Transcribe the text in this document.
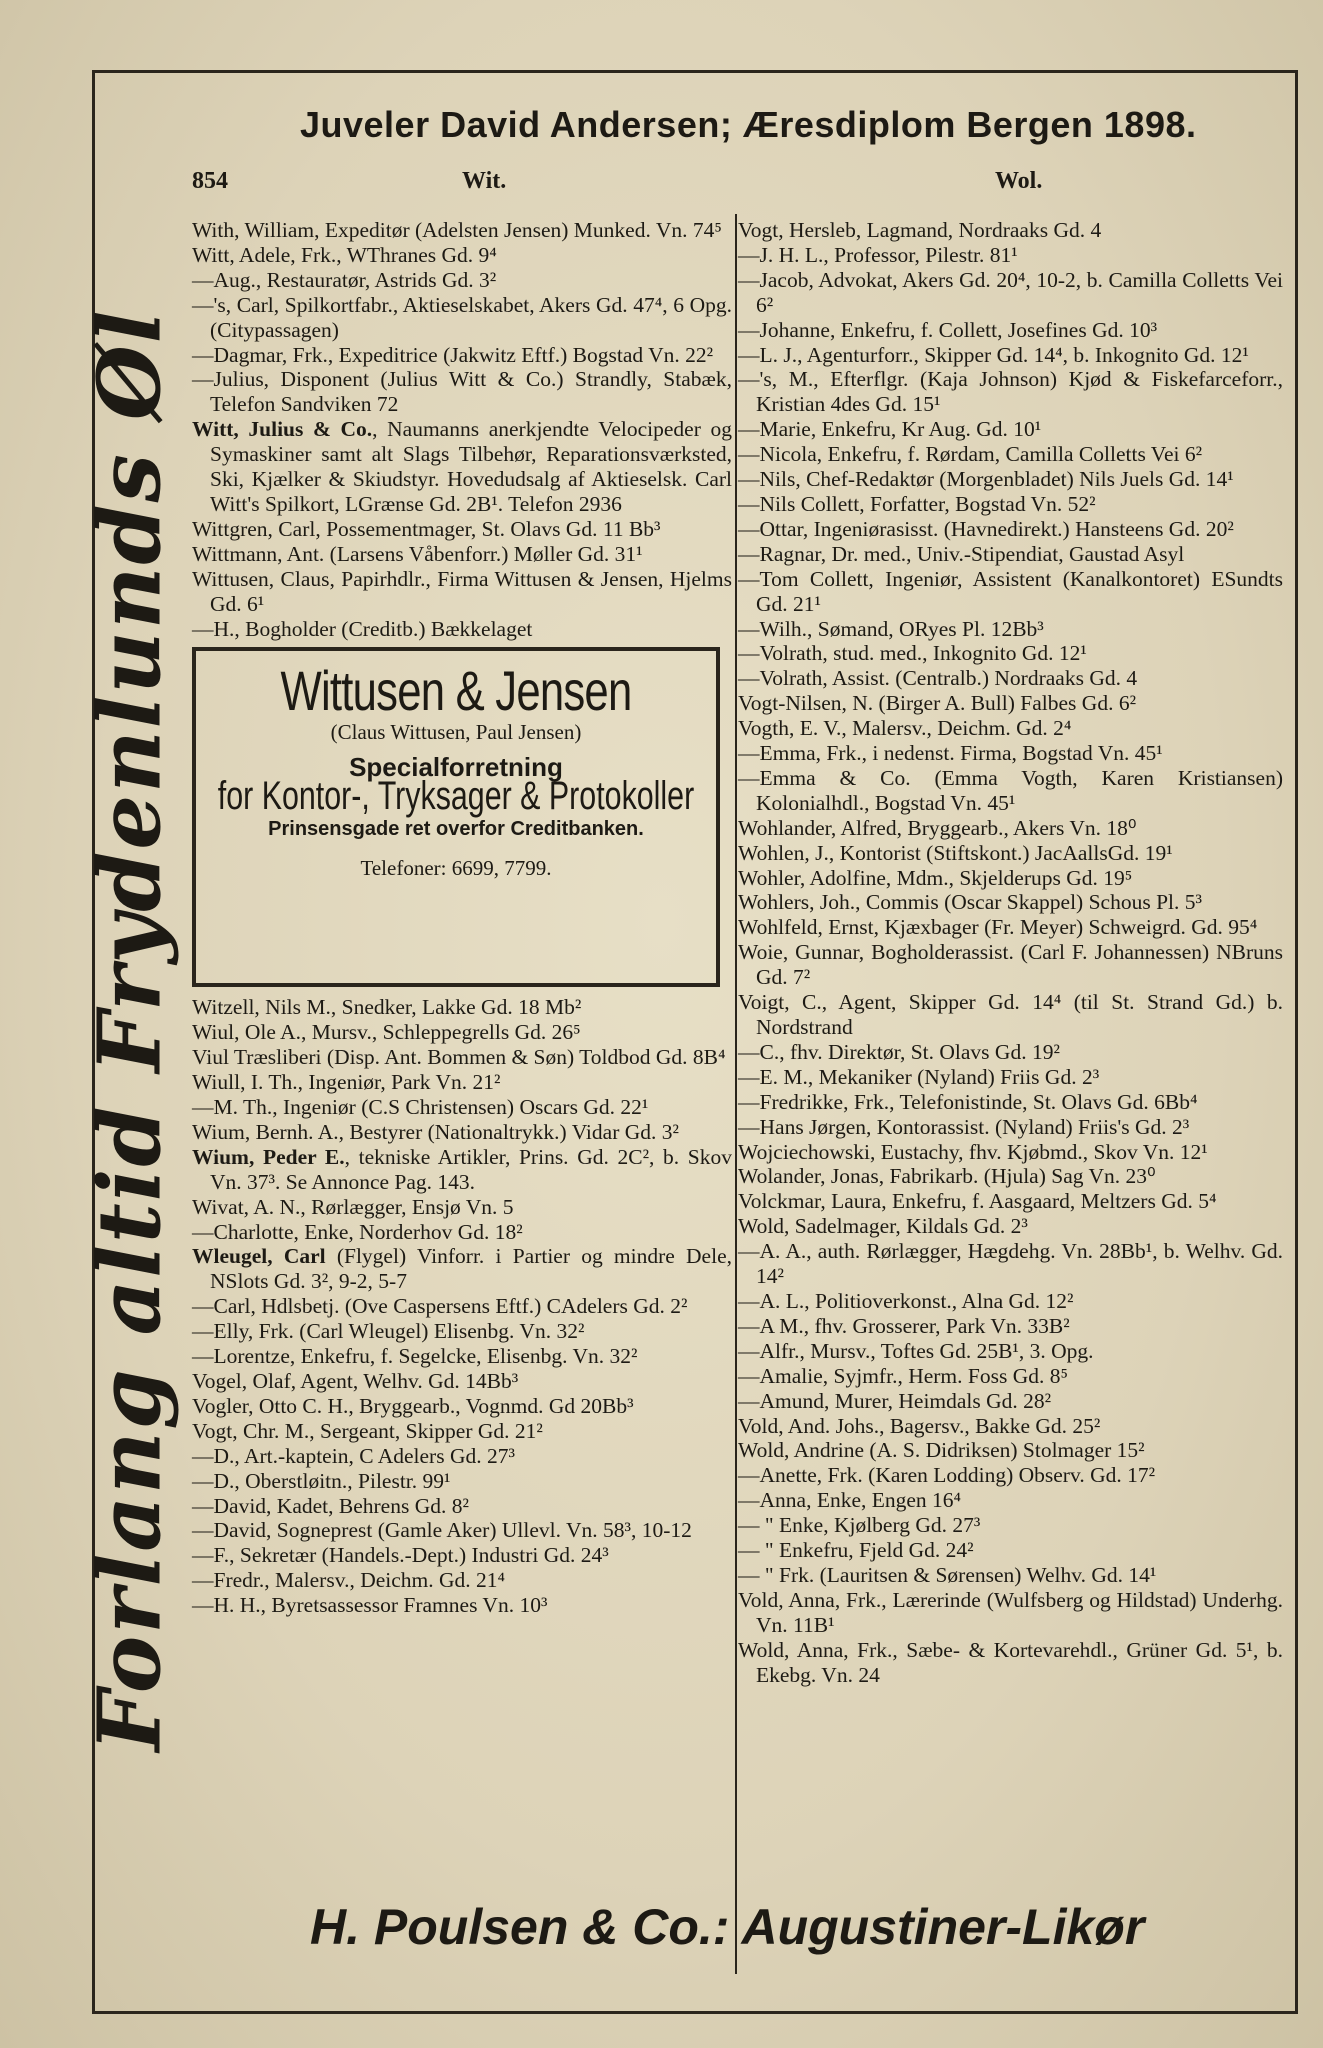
Juveler David Andersen; Æresdiplom Bergen 1898.
854	Wit.	Wol.
Forlang altid Frydenlunds Øl

With, William, Expeditør (Adelsten Jensen) Munked. Vn. 74⁵

Witt, Adele, Frk., WThranes Gd. 9⁴

—Aug., Restauratør, Astrids Gd. 3²

—'s, Carl, Spilkortfabr., Aktieselskabet, Akers Gd. 47⁴, 6 Opg. (Citypassagen)

—Dagmar, Frk., Expeditrice (Jakwitz Eftf.) Bogstad Vn. 22²

—Julius, Disponent (Julius Witt & Co.) Strandly, Stabæk, Telefon Sandviken 72

Witt, Julius & Co., Naumanns anerkjendte Velocipeder og Symaskiner samt alt Slags Tilbehør, Reparationsværksted, Ski, Kjælker & Skiudstyr. Hovedudsalg af Aktieselsk. Carl Witt's Spilkort, LGrænse Gd. 2B¹. Telefon 2936

Wittgren, Carl, Possementmager, St. Olavs Gd. 11 Bb³

Wittmann, Ant. (Larsens Våbenforr.) Møller Gd. 31¹

Wittusen, Claus, Papirhdlr., Firma Wittusen & Jensen, Hjelms Gd. 6¹

—H., Bogholder (Creditb.) Bækkelaget

Wittusen & Jensen
(Claus Wittusen, Paul Jensen)
Specialforretning
for Kontor-, Tryksager & Protokoller
Prinsensgade ret overfor Creditbanken.
Telefoner: 6699, 7799.

Witzell, Nils M., Snedker, Lakke Gd. 18 Mb²

Wiul, Ole A., Mursv., Schleppegrells Gd. 26⁵

Viul Træsliberi (Disp. Ant. Bommen & Søn) Toldbod Gd. 8B⁴

Wiull, I. Th., Ingeniør, Park Vn. 21²

—M. Th., Ingeniør (C.S Christensen) Oscars Gd. 22¹

Wium, Bernh. A., Bestyrer (Nationaltrykk.) Vidar Gd. 3²

Wium, Peder E., tekniske Artikler, Prins. Gd. 2C², b. Skov Vn. 37³. Se Annonce Pag. 143.

Wivat, A. N., Rørlægger, Ensjø Vn. 5

—Charlotte, Enke, Norderhov Gd. 18²

Wleugel, Carl (Flygel) Vinforr. i Partier og mindre Dele, NSlots Gd. 3², 9-2, 5-7

—Carl, Hdlsbetj. (Ove Caspersens Eftf.) CAdelers Gd. 2²

—Elly, Frk. (Carl Wleugel) Elisenbg. Vn. 32²

—Lorentze, Enkefru, f. Segelcke, Elisenbg. Vn. 32²

Vogel, Olaf, Agent, Welhv. Gd. 14Bb³

Vogler, Otto C. H., Bryggearb., Vognmd. Gd 20Bb³

Vogt, Chr. M., Sergeant, Skipper Gd. 21²

—D., Art.-kaptein, C Adelers Gd. 27³

—D., Oberstløitn., Pilestr. 99¹

—David, Kadet, Behrens Gd. 8²

—David, Sogneprest (Gamle Aker) Ullevl. Vn. 58³, 10-12

—F., Sekretær (Handels.-Dept.) Industri Gd. 24³

—Fredr., Malersv., Deichm. Gd. 21⁴

—H. H., Byretsassessor Framnes Vn. 10³

Vogt, Hersleb, Lagmand, Nordraaks Gd. 4

—J. H. L., Professor, Pilestr. 81¹

—Jacob, Advokat, Akers Gd. 20⁴, 10-2, b. Camilla Colletts Vei 6²

—Johanne, Enkefru, f. Collett, Josefines Gd. 10³

—L. J., Agenturforr., Skipper Gd. 14⁴, b. Inkognito Gd. 12¹

—'s, M., Efterflgr. (Kaja Johnson) Kjød & Fiskefarceforr., Kristian 4des Gd. 15¹

—Marie, Enkefru, Kr Aug. Gd. 10¹

—Nicola, Enkefru, f. Rørdam, Camilla Colletts Vei 6²

—Nils, Chef-Redaktør (Morgenbladet) Nils Juels Gd. 14¹

—Nils Collett, Forfatter, Bogstad Vn. 52²

—Ottar, Ingeniørasisst. (Havnedirekt.) Hansteens Gd. 20²

—Ragnar, Dr. med., Univ.-Stipendiat, Gaustad Asyl

—Tom Collett, Ingeniør, Assistent (Kanalkontoret) ESundts Gd. 21¹

—Wilh., Sømand, ORyes Pl. 12Bb³

—Volrath, stud. med., Inkognito Gd. 12¹

—Volrath, Assist. (Centralb.) Nordraaks Gd. 4

Vogt-Nilsen, N. (Birger A. Bull) Falbes Gd. 6²

Vogth, E. V., Malersv., Deichm. Gd. 2⁴

—Emma, Frk., i nedenst. Firma, Bogstad Vn. 45¹

—Emma & Co. (Emma Vogth, Karen Kristiansen) Kolonialhdl., Bogstad Vn. 45¹

Wohlander, Alfred, Bryggearb., Akers Vn. 18⁰

Wohlen, J., Kontorist (Stiftskont.) JacAallsGd. 19¹

Wohler, Adolfine, Mdm., Skjelderups Gd. 19⁵

Wohlers, Joh., Commis (Oscar Skappel) Schous Pl. 5³

Wohlfeld, Ernst, Kjæxbager (Fr. Meyer) Schweigrd. Gd. 95⁴

Woie, Gunnar, Bogholderassist. (Carl F. Johannessen) NBruns Gd. 7²

Voigt, C., Agent, Skipper Gd. 14⁴ (til St. Strand Gd.) b. Nordstrand

—C., fhv. Direktør, St. Olavs Gd. 19²

—E. M., Mekaniker (Nyland) Friis Gd. 2³

—Fredrikke, Frk., Telefonistinde, St. Olavs Gd. 6Bb⁴

—Hans Jørgen, Kontorassist. (Nyland) Friis's Gd. 2³

Wojciechowski, Eustachy, fhv. Kjøbmd., Skov Vn. 12¹

Wolander, Jonas, Fabrikarb. (Hjula) Sag Vn. 23⁰

Volckmar, Laura, Enkefru, f. Aasgaard, Meltzers Gd. 5⁴

Wold, Sadelmager, Kildals Gd. 2³

—A. A., auth. Rørlægger, Hægdehg. Vn. 28Bb¹, b. Welhv. Gd. 14²

—A. L., Politioverkonst., Alna Gd. 12²

—A M., fhv. Grosserer, Park Vn. 33B²

—Alfr., Mursv., Toftes Gd. 25B¹, 3. Opg.

—Amalie, Syjmfr., Herm. Foss Gd. 8⁵

—Amund, Murer, Heimdals Gd. 28²

Vold, And. Johs., Bagersv., Bakke Gd. 25²

Wold, Andrine (A. S. Didriksen) Stolmager 15²

—Anette, Frk. (Karen Lodding) Observ. Gd. 17²

—Anna, Enke, Engen 16⁴

— " Enke, Kjølberg Gd. 27³

— " Enkefru, Fjeld Gd. 24²

— " Frk. (Lauritsen & Sørensen) Welhv. Gd. 14¹

Vold, Anna, Frk., Lærerinde (Wulfsberg og Hildstad) Underhg. Vn. 11B¹

Wold, Anna, Frk., Sæbe- & Kortevarehdl., Grüner Gd. 5¹, b. Ekebg. Vn. 24

H. Poulsen & Co.: Augustiner-Likør
